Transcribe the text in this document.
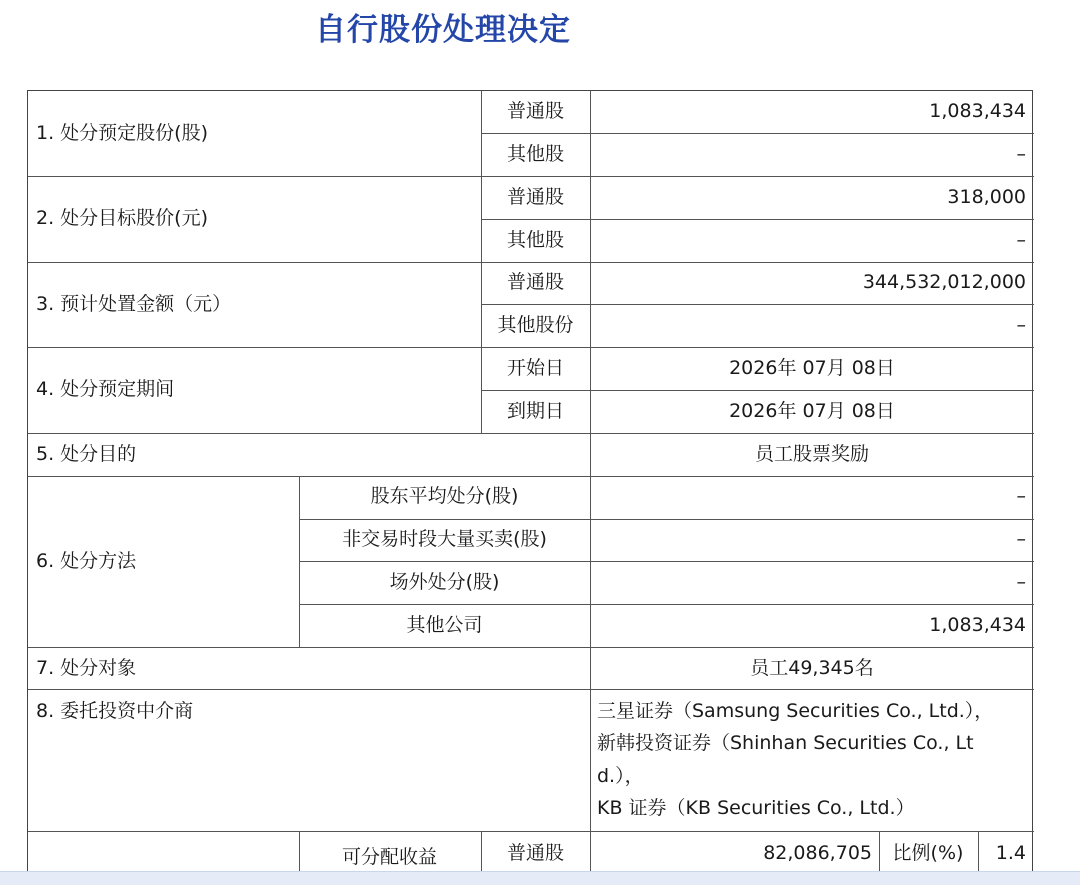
自行股份处理决定
1. 处分预定股份(股)
普通股	1,083,434
其他股	–
2. 处分目标股价(元)
普通股	318,000
其他股	–
3. 预计处置金额（元）
普通股	344,532,012,000
其他股份	–
4. 处分预定期间
开始日	2026年 07月 08日
到期日	2026年 07月 08日
5. 处分目的	员工股票奖励
6. 处分方法
股东平均处分(股)	–
非交易时段大量买卖(股)	–
场外处分(股)	–
其他公司	1,083,434
7. 处分对象	员工49,345名
8. 委托投资中介商	三星证券（Samsung Securities Co., Ltd.），
新韩投资证券（Shinhan Securities Co., Lt
d.），
KB 证券（KB Securities Co., Ltd.）
可分配收益	普通股	82,086,705	比例(%)	1.4
